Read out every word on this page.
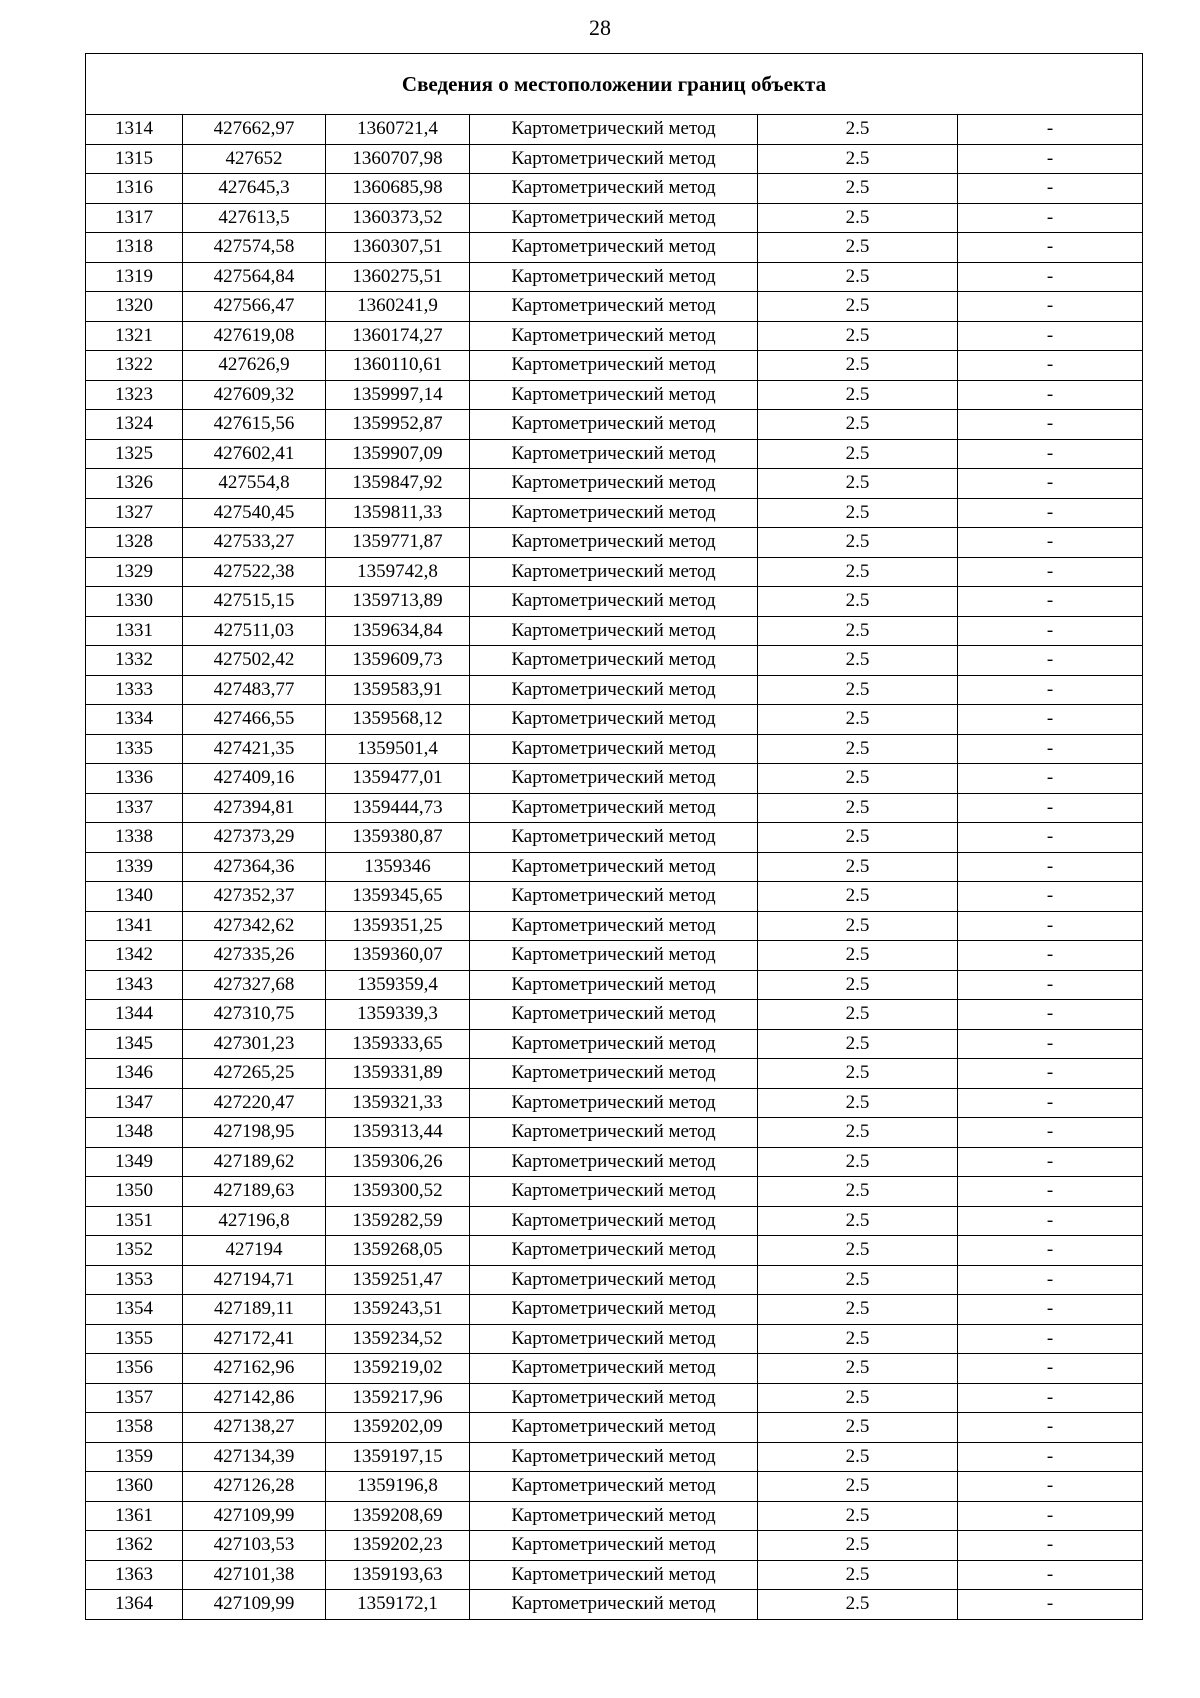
28
Сведения о местоположении границ объекта					
1314	427662,97	1360721,4	Картометрический метод	2.5	-
1315	427652	1360707,98	Картометрический метод	2.5	-
1316	427645,3	1360685,98	Картометрический метод	2.5	-
1317	427613,5	1360373,52	Картометрический метод	2.5	-
1318	427574,58	1360307,51	Картометрический метод	2.5	-
1319	427564,84	1360275,51	Картометрический метод	2.5	-
1320	427566,47	1360241,9	Картометрический метод	2.5	-
1321	427619,08	1360174,27	Картометрический метод	2.5	-
1322	427626,9	1360110,61	Картометрический метод	2.5	-
1323	427609,32	1359997,14	Картометрический метод	2.5	-
1324	427615,56	1359952,87	Картометрический метод	2.5	-
1325	427602,41	1359907,09	Картометрический метод	2.5	-
1326	427554,8	1359847,92	Картометрический метод	2.5	-
1327	427540,45	1359811,33	Картометрический метод	2.5	-
1328	427533,27	1359771,87	Картометрический метод	2.5	-
1329	427522,38	1359742,8	Картометрический метод	2.5	-
1330	427515,15	1359713,89	Картометрический метод	2.5	-
1331	427511,03	1359634,84	Картометрический метод	2.5	-
1332	427502,42	1359609,73	Картометрический метод	2.5	-
1333	427483,77	1359583,91	Картометрический метод	2.5	-
1334	427466,55	1359568,12	Картометрический метод	2.5	-
1335	427421,35	1359501,4	Картометрический метод	2.5	-
1336	427409,16	1359477,01	Картометрический метод	2.5	-
1337	427394,81	1359444,73	Картометрический метод	2.5	-
1338	427373,29	1359380,87	Картометрический метод	2.5	-
1339	427364,36	1359346	Картометрический метод	2.5	-
1340	427352,37	1359345,65	Картометрический метод	2.5	-
1341	427342,62	1359351,25	Картометрический метод	2.5	-
1342	427335,26	1359360,07	Картометрический метод	2.5	-
1343	427327,68	1359359,4	Картометрический метод	2.5	-
1344	427310,75	1359339,3	Картометрический метод	2.5	-
1345	427301,23	1359333,65	Картометрический метод	2.5	-
1346	427265,25	1359331,89	Картометрический метод	2.5	-
1347	427220,47	1359321,33	Картометрический метод	2.5	-
1348	427198,95	1359313,44	Картометрический метод	2.5	-
1349	427189,62	1359306,26	Картометрический метод	2.5	-
1350	427189,63	1359300,52	Картометрический метод	2.5	-
1351	427196,8	1359282,59	Картометрический метод	2.5	-
1352	427194	1359268,05	Картометрический метод	2.5	-
1353	427194,71	1359251,47	Картометрический метод	2.5	-
1354	427189,11	1359243,51	Картометрический метод	2.5	-
1355	427172,41	1359234,52	Картометрический метод	2.5	-
1356	427162,96	1359219,02	Картометрический метод	2.5	-
1357	427142,86	1359217,96	Картометрический метод	2.5	-
1358	427138,27	1359202,09	Картометрический метод	2.5	-
1359	427134,39	1359197,15	Картометрический метод	2.5	-
1360	427126,28	1359196,8	Картометрический метод	2.5	-
1361	427109,99	1359208,69	Картометрический метод	2.5	-
1362	427103,53	1359202,23	Картометрический метод	2.5	-
1363	427101,38	1359193,63	Картометрический метод	2.5	-
1364	427109,99	1359172,1	Картометрический метод	2.5	-
